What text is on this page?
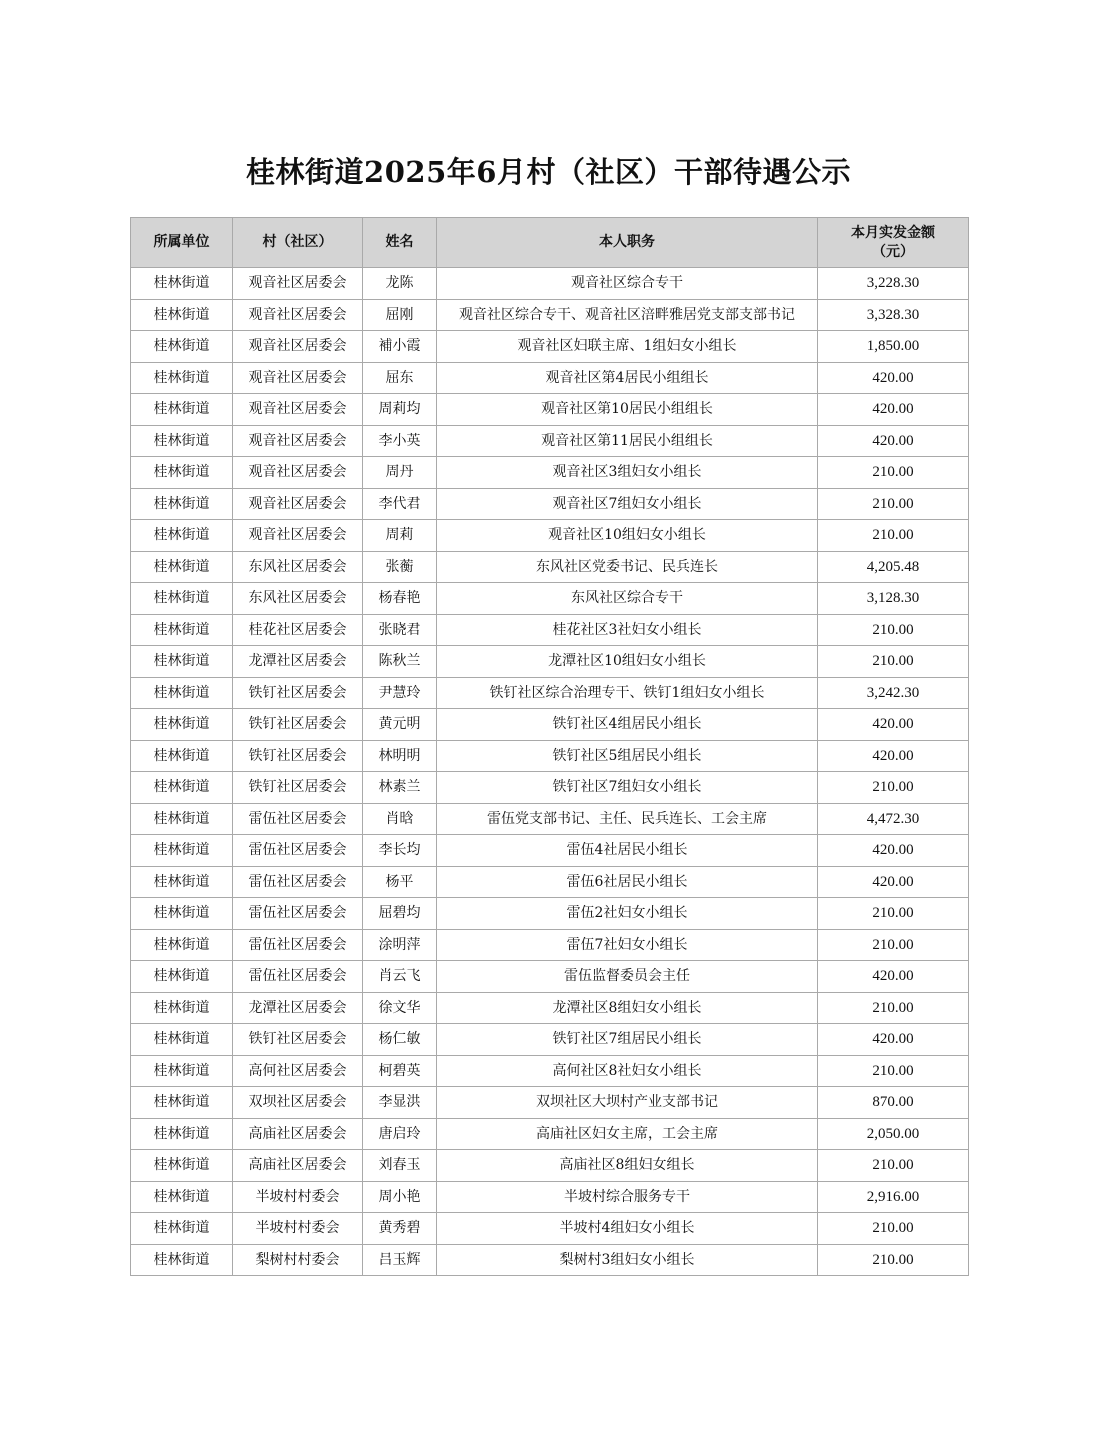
桂林街道2025年6月村（社区）干部待遇公示
所属单位	村（社区）	姓名	本人职务	本月实发金额（元）
桂林街道	观音社区居委会	龙陈	观音社区综合专干	3,228.30
桂林街道	观音社区居委会	屈刚	观音社区综合专干、观音社区涪畔雅居党支部支部书记	3,328.30
桂林街道	观音社区居委会	補小霞	观音社区妇联主席、1组妇女小组长	1,850.00
桂林街道	观音社区居委会	屈东	观音社区第4居民小组组长	420.00
桂林街道	观音社区居委会	周莉均	观音社区第10居民小组组长	420.00
桂林街道	观音社区居委会	李小英	观音社区第11居民小组组长	420.00
桂林街道	观音社区居委会	周丹	观音社区3组妇女小组长	210.00
桂林街道	观音社区居委会	李代君	观音社区7组妇女小组长	210.00
桂林街道	观音社区居委会	周莉	观音社区10组妇女小组长	210.00
桂林街道	东风社区居委会	张蘅	东风社区党委书记、民兵连长	4,205.48
桂林街道	东风社区居委会	杨春艳	东风社区综合专干	3,128.30
桂林街道	桂花社区居委会	张晓君	桂花社区3社妇女小组长	210.00
桂林街道	龙潭社区居委会	陈秋兰	龙潭社区10组妇女小组长	210.00
桂林街道	铁钉社区居委会	尹慧玲	铁钉社区综合治理专干、铁钉1组妇女小组长	3,242.30
桂林街道	铁钉社区居委会	黄元明	铁钉社区4组居民小组长	420.00
桂林街道	铁钉社区居委会	林明明	铁钉社区5组居民小组长	420.00
桂林街道	铁钉社区居委会	林素兰	铁钉社区7组妇女小组长	210.00
桂林街道	雷伍社区居委会	肖晗	雷伍党支部书记、主任、民兵连长、工会主席	4,472.30
桂林街道	雷伍社区居委会	李长均	雷伍4社居民小组长	420.00
桂林街道	雷伍社区居委会	杨平	雷伍6社居民小组长	420.00
桂林街道	雷伍社区居委会	屈碧均	雷伍2社妇女小组长	210.00
桂林街道	雷伍社区居委会	涂明萍	雷伍7社妇女小组长	210.00
桂林街道	雷伍社区居委会	肖云飞	雷伍监督委员会主任	420.00
桂林街道	龙潭社区居委会	徐文华	龙潭社区8组妇女小组长	210.00
桂林街道	铁钉社区居委会	杨仁敏	铁钉社区7组居民小组长	420.00
桂林街道	高何社区居委会	柯碧英	高何社区8社妇女小组长	210.00
桂林街道	双坝社区居委会	李显洪	双坝社区大坝村产业支部书记	870.00
桂林街道	高庙社区居委会	唐启玲	高庙社区妇女主席，工会主席	2,050.00
桂林街道	高庙社区居委会	刘春玉	高庙社区8组妇女组长	210.00
桂林街道	半坡村村委会	周小艳	半坡村综合服务专干	2,916.00
桂林街道	半坡村村委会	黄秀碧	半坡村4组妇女小组长	210.00
桂林街道	梨树村村委会	吕玉辉	梨树村3组妇女小组长	210.00
